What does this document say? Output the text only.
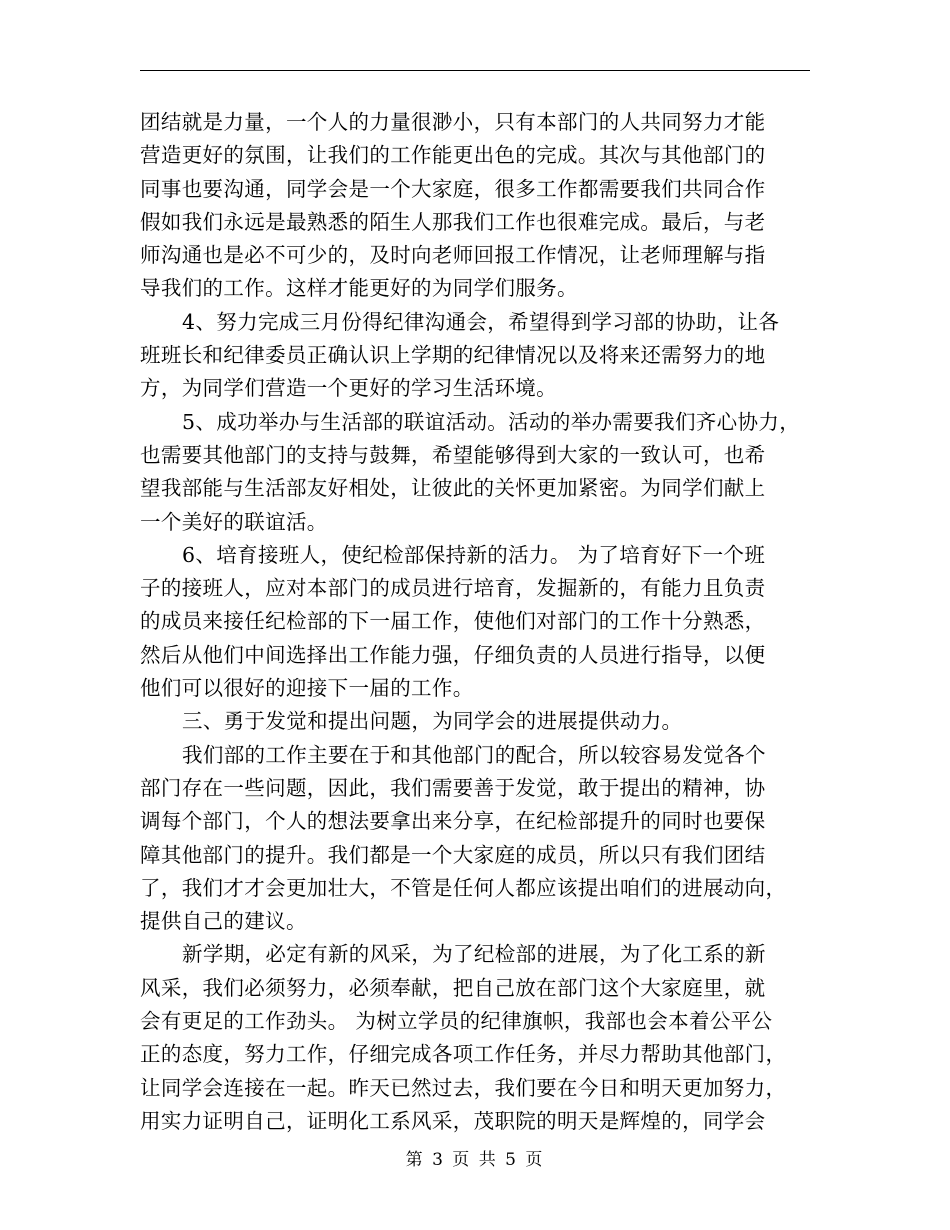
团结就是力量，一个人的力量很渺小，只有本部门的人共同努力才能
营造更好的氛围，让我们的工作能更出色的完成。其次与其他部门的
同事也要沟通，同学会是一个大家庭，很多工作都需要我们共同合作
假如我们永远是最熟悉的陌生人那我们工作也很难完成。最后，与老
师沟通也是必不可少的，及时向老师回报工作情况，让老师理解与指
导我们的工作。这样才能更好的为同学们服务。
4、努力完成三月份得纪律沟通会，希望得到学习部的协助，让各
班班长和纪律委员正确认识上学期的纪律情况以及将来还需努力的地
方，为同学们营造一个更好的学习生活环境。
5、成功举办与生活部的联谊活动。活动的举办需要我们齐心协力，
也需要其他部门的支持与鼓舞，希望能够得到大家的一致认可，也希
望我部能与生活部友好相处，让彼此的关怀更加紧密。为同学们献上
一个美好的联谊活。
6、培育接班人，使纪检部保持新的活力。 为了培育好下一个班
子的接班人，应对本部门的成员进行培育，发掘新的，有能力且负责
的成员来接任纪检部的下一届工作，使他们对部门的工作十分熟悉，
然后从他们中间选择出工作能力强，仔细负责的人员进行指导，以便
他们可以很好的迎接下一届的工作。
三、勇于发觉和提出问题，为同学会的进展提供动力。
我们部的工作主要在于和其他部门的配合，所以较容易发觉各个
部门存在一些问题，因此，我们需要善于发觉，敢于提出的精神，协
调每个部门，个人的想法要拿出来分享，在纪检部提升的同时也要保
障其他部门的提升。我们都是一个大家庭的成员，所以只有我们团结
了，我们才才会更加壮大，不管是任何人都应该提出咱们的进展动向，
提供自己的建议。
新学期，必定有新的风采，为了纪检部的进展，为了化工系的新
风采，我们必须努力，必须奉献，把自己放在部门这个大家庭里，就
会有更足的工作劲头。 为树立学员的纪律旗帜，我部也会本着公平公
正的态度，努力工作，仔细完成各项工作任务，并尽力帮助其他部门，
让同学会连接在一起。昨天已然过去，我们要在今日和明天更加努力，
用实力证明自己，证明化工系风采，茂职院的明天是辉煌的，同学会
第 3 页 共 5 页
